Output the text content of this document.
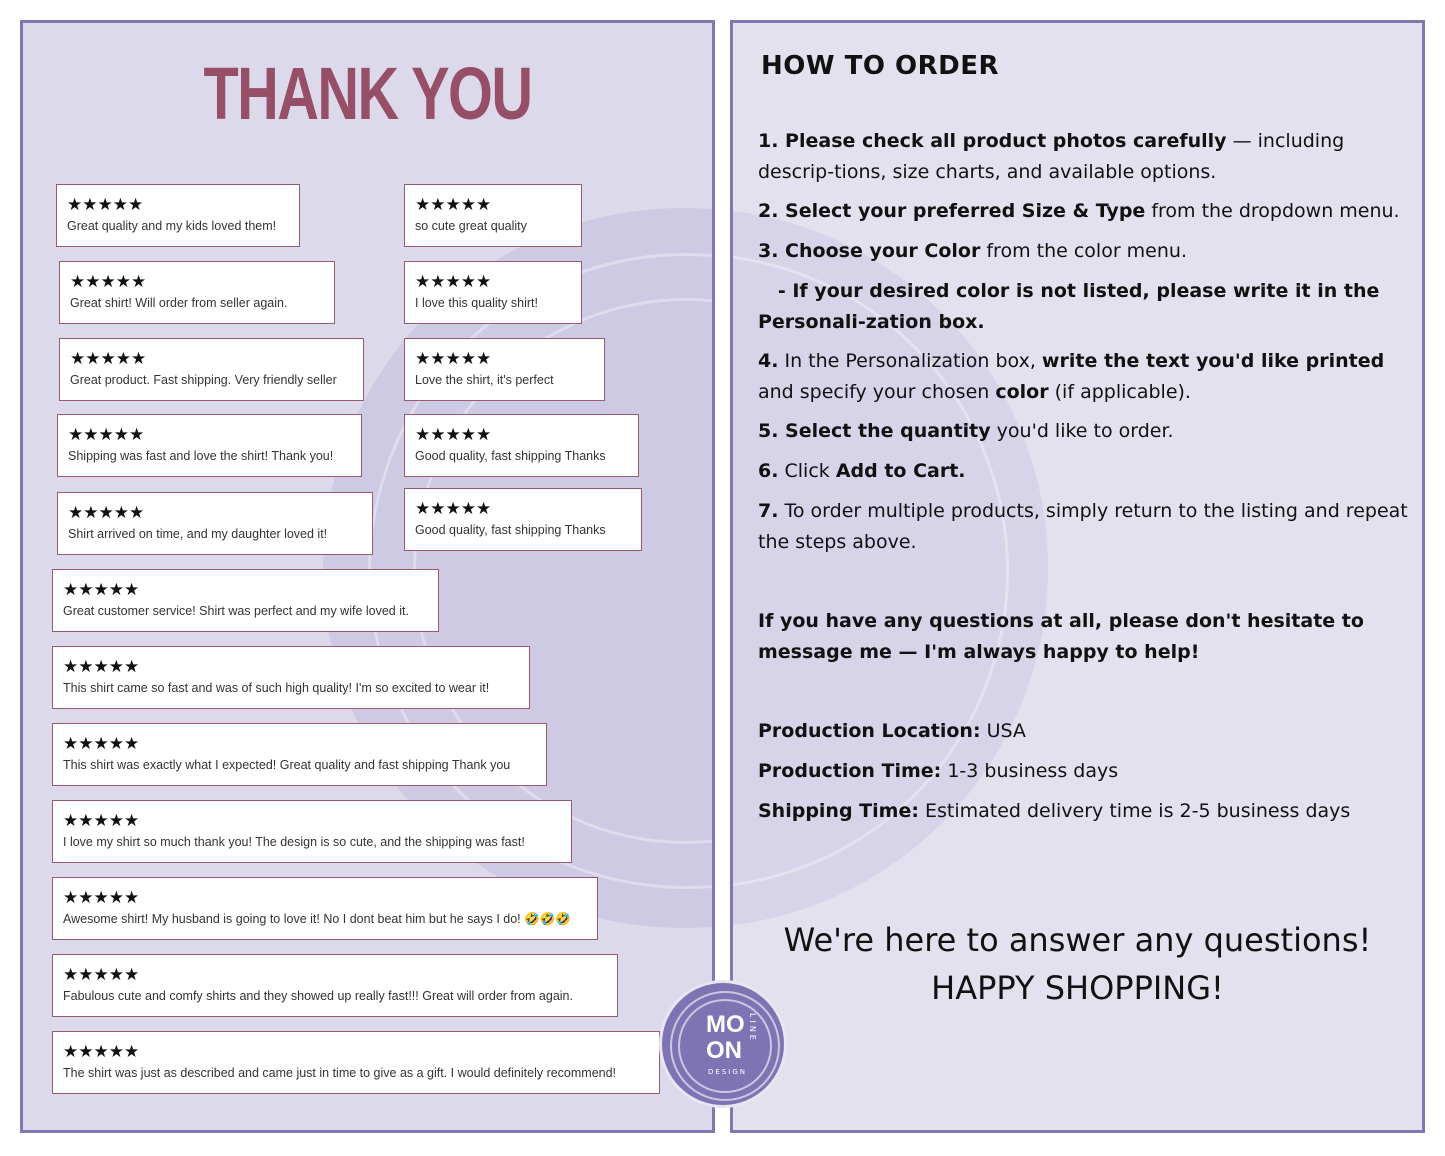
THANK YOU
★★★★★
Great quality and my kids loved them!
★★★★★
so cute great quality
★★★★★
Great shirt! Will order from seller again.
★★★★★
I love this quality shirt!
★★★★★
Great product. Fast shipping. Very friendly seller
★★★★★
Love the shirt, it's perfect
★★★★★
Shipping was fast and love the shirt! Thank you!
★★★★★
Good quality, fast shipping Thanks
★★★★★
Shirt arrived on time, and my daughter loved it!
★★★★★
Good quality, fast shipping Thanks
★★★★★
Great customer service! Shirt was perfect and my wife loved it.
★★★★★
This shirt came so fast and was of such high quality! I'm so excited to wear it!
★★★★★
This shirt was exactly what I expected! Great quality and fast shipping Thank you
★★★★★
I love my shirt so much thank you! The design is so cute, and the shipping was fast!
★★★★★
Awesome shirt! My husband is going to love it! No I dont beat him but he says I do! 🤣🤣🤣
★★★★★
Fabulous cute and comfy shirts and they showed up really fast!!! Great will order from again.
★★★★★
The shirt was just as described and came just in time to give as a gift. I would definitely recommend!
HOW TO ORDER
1. Please check all product photos carefully — including descrip-tions, size charts, and available options.
2. Select your preferred Size & Type from the dropdown menu.
3. Choose your Color from the color menu.
- If your desired color is not listed, please write it in the Personali-zation box.
4. In the Personalization box, write the text you'd like printed and specify your chosen color (if applicable).
5. Select the quantity you'd like to order.
6. Click Add to Cart.
7. To order multiple products, simply return to the listing and repeat the steps above.
If you have any questions at all, please don't hesitate to message me — I'm always happy to help!
Production Location: USA
Production Time: 1-3 business days
Shipping Time: Estimated delivery time is 2-5 business days
We're here to answer any questions!
HAPPY SHOPPING!
MO
ON
DESIGN
LINE
